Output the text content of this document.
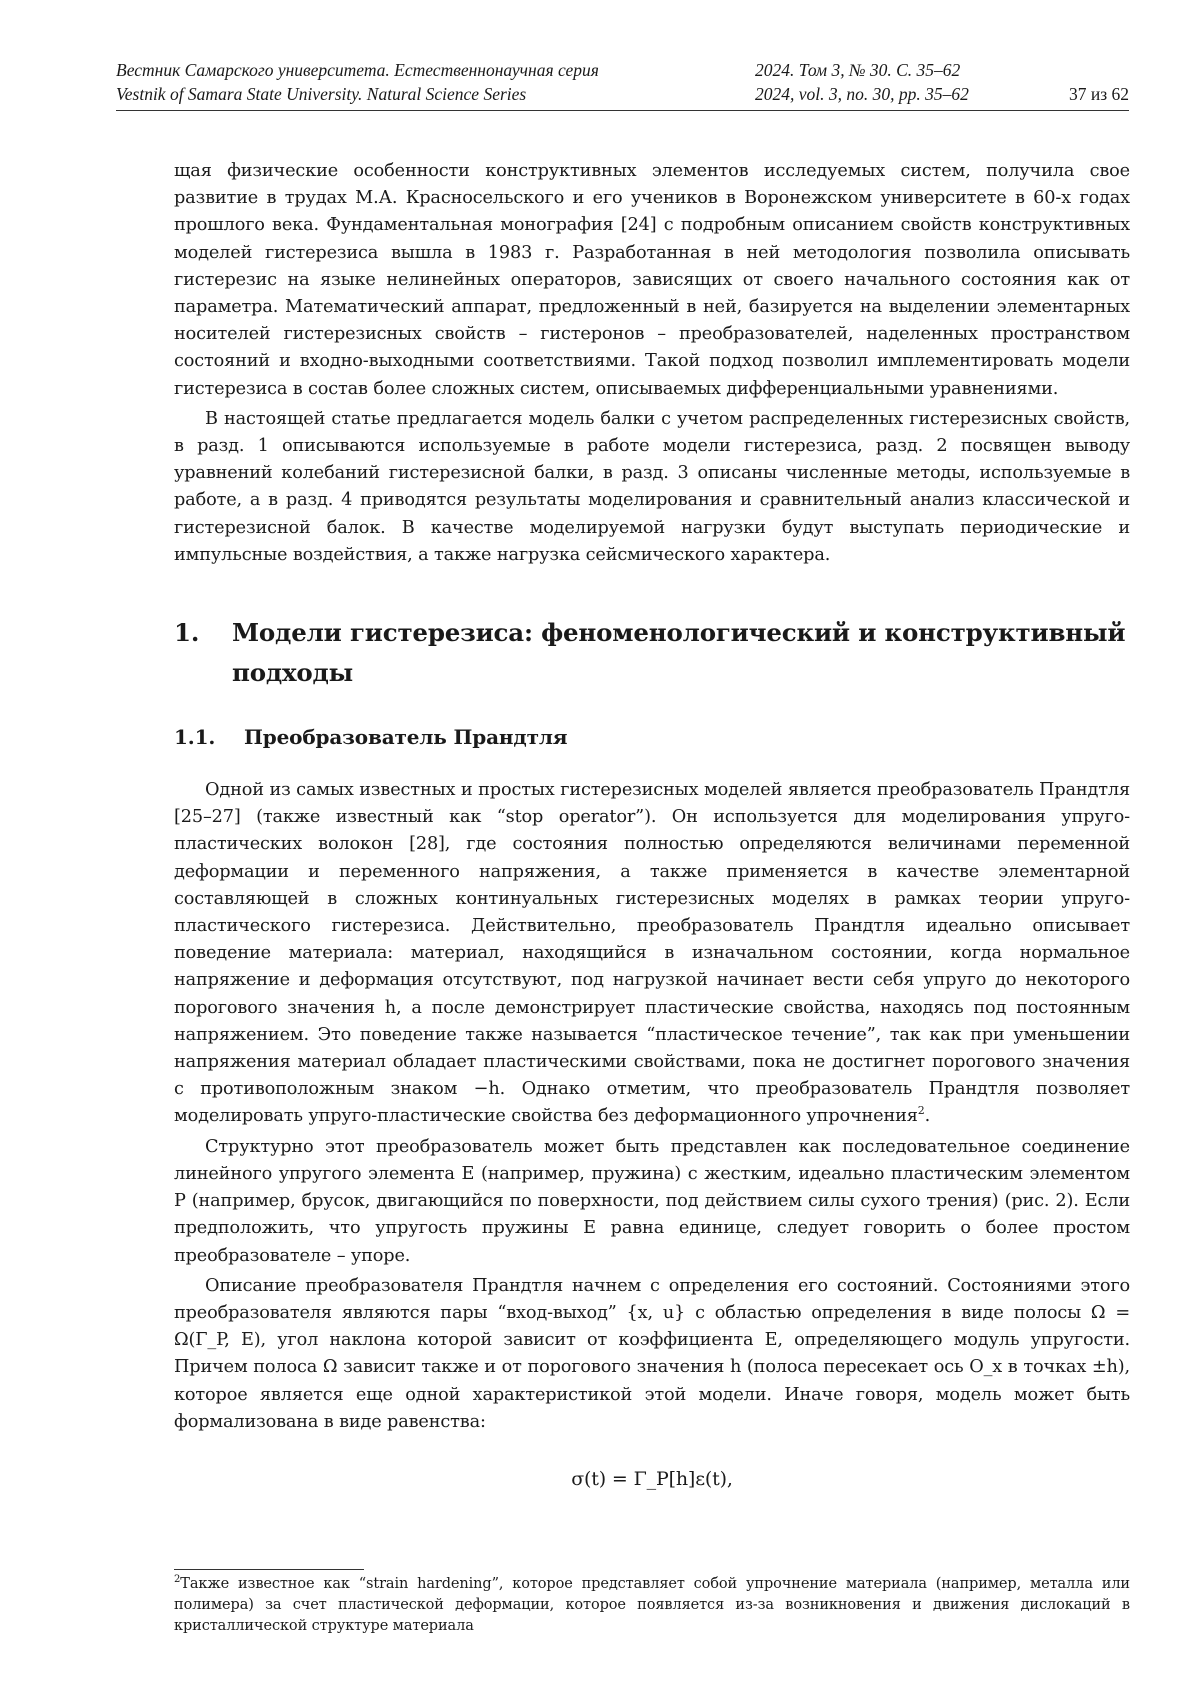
Вестник Самарского университета. Естественнонаучная серия	2024. Том 3, № 30. С. 35–62
Vestnik of Samara State University. Natural Science Series	2024, vol. 3, no. 30, pp. 35–62	37 из 62

щая физические особенности конструктивных элементов исследуемых систем, получила свое развитие в трудах М.А. Красносельского и его учеников в Воронежском университете в 60-х годах прошлого века. Фундаментальная монография [24] с подробным описанием свойств конструктивных моделей гистерезиса вышла в 1983 г. Разработанная в ней методология позволила описывать гистерезис на языке нелинейных операторов, зависящих от своего начального состояния как от параметра. Математический аппарат, предложенный в ней, базируется на выделении элементарных носителей гистерезисных свойств – гистеронов – преобразователей, наделенных пространством состояний и входно-выходными соответствиями. Такой подход позволил имплементировать модели гистерезиса в состав более сложных систем, описываемых дифференциальными уравнениями.

В настоящей статье предлагается модель балки с учетом распределенных гистерезисных свойств, в разд. 1 описываются используемые в работе модели гистерезиса, разд. 2 посвящен выводу уравнений колебаний гистерезисной балки, в разд. 3 описаны численные методы, используемые в работе, а в разд. 4 приводятся результаты моделирования и сравнительный анализ классической и гистерезисной балок. В качестве моделируемой нагрузки будут выступать периодические и импульсные воздействия, а также нагрузка сейсмического характера.

1.	Модели гистерезиса: феноменологический и конструктивный подходы
1.1.	Преобразователь Прандтля

Одной из самых известных и простых гистерезисных моделей является преобразователь Прандтля [25–27] (также известный как “stop operator”). Он используется для моделирования упруго-пластических волокон [28], где состояния полностью определяются величинами переменной деформации и переменного напряжения, а также применяется в качестве элементарной составляющей в сложных континуальных гистерезисных моделях в рамках теории упруго-пластического гистерезиса. Действительно, преобразователь Прандтля идеально описывает поведение материала: материал, находящийся в изначальном состоянии, когда нормальное напряжение и деформация отсутствуют, под нагрузкой начинает вести себя упруго до некоторого порогового значения h, а после демонстрирует пластические свойства, находясь под постоянным напряжением. Это поведение также называется “пластическое течение”, так как при уменьшении напряжения материал обладает пластическими свойствами, пока не достигнет порогового значения с противоположным знаком −h. Однако отметим, что преобразователь Прандтля позволяет моделировать упруго-пластические свойства без деформационного упрочнения$^2$.

Структурно этот преобразователь может быть представлен как последовательное соединение линейного упругого элемента E (например, пружина) с жестким, идеально пластическим элементом P (например, брусок, двигающийся по поверхности, под действием силы сухого трения) (рис. 2). Если предположить, что упругость пружины E равна единице, следует говорить о более простом преобразователе – упоре.

Описание преобразователя Прандтля начнем с определения его состояний. Состояниями этого преобразователя являются пары “вход-выход” {x, u} с областью определения в виде полосы Ω = Ω(Γ_P, E), угол наклона которой зависит от коэффициента E, определяющего модуль упругости. Причем полоса Ω зависит также и от порогового значения h (полоса пересекает ось O_x в точках ±h), которое является еще одной характеристикой этой модели. Иначе говоря, модель может быть формализована в виде равенства:

σ(t) = Γ_P[h]ε(t),
$^2$Также известное как “strain hardening”, которое представляет собой упрочнение материала (например, металла или полимера) за счет пластической деформации, которое появляется из-за возникновения и движения дислокаций в кристаллической структуре материала
